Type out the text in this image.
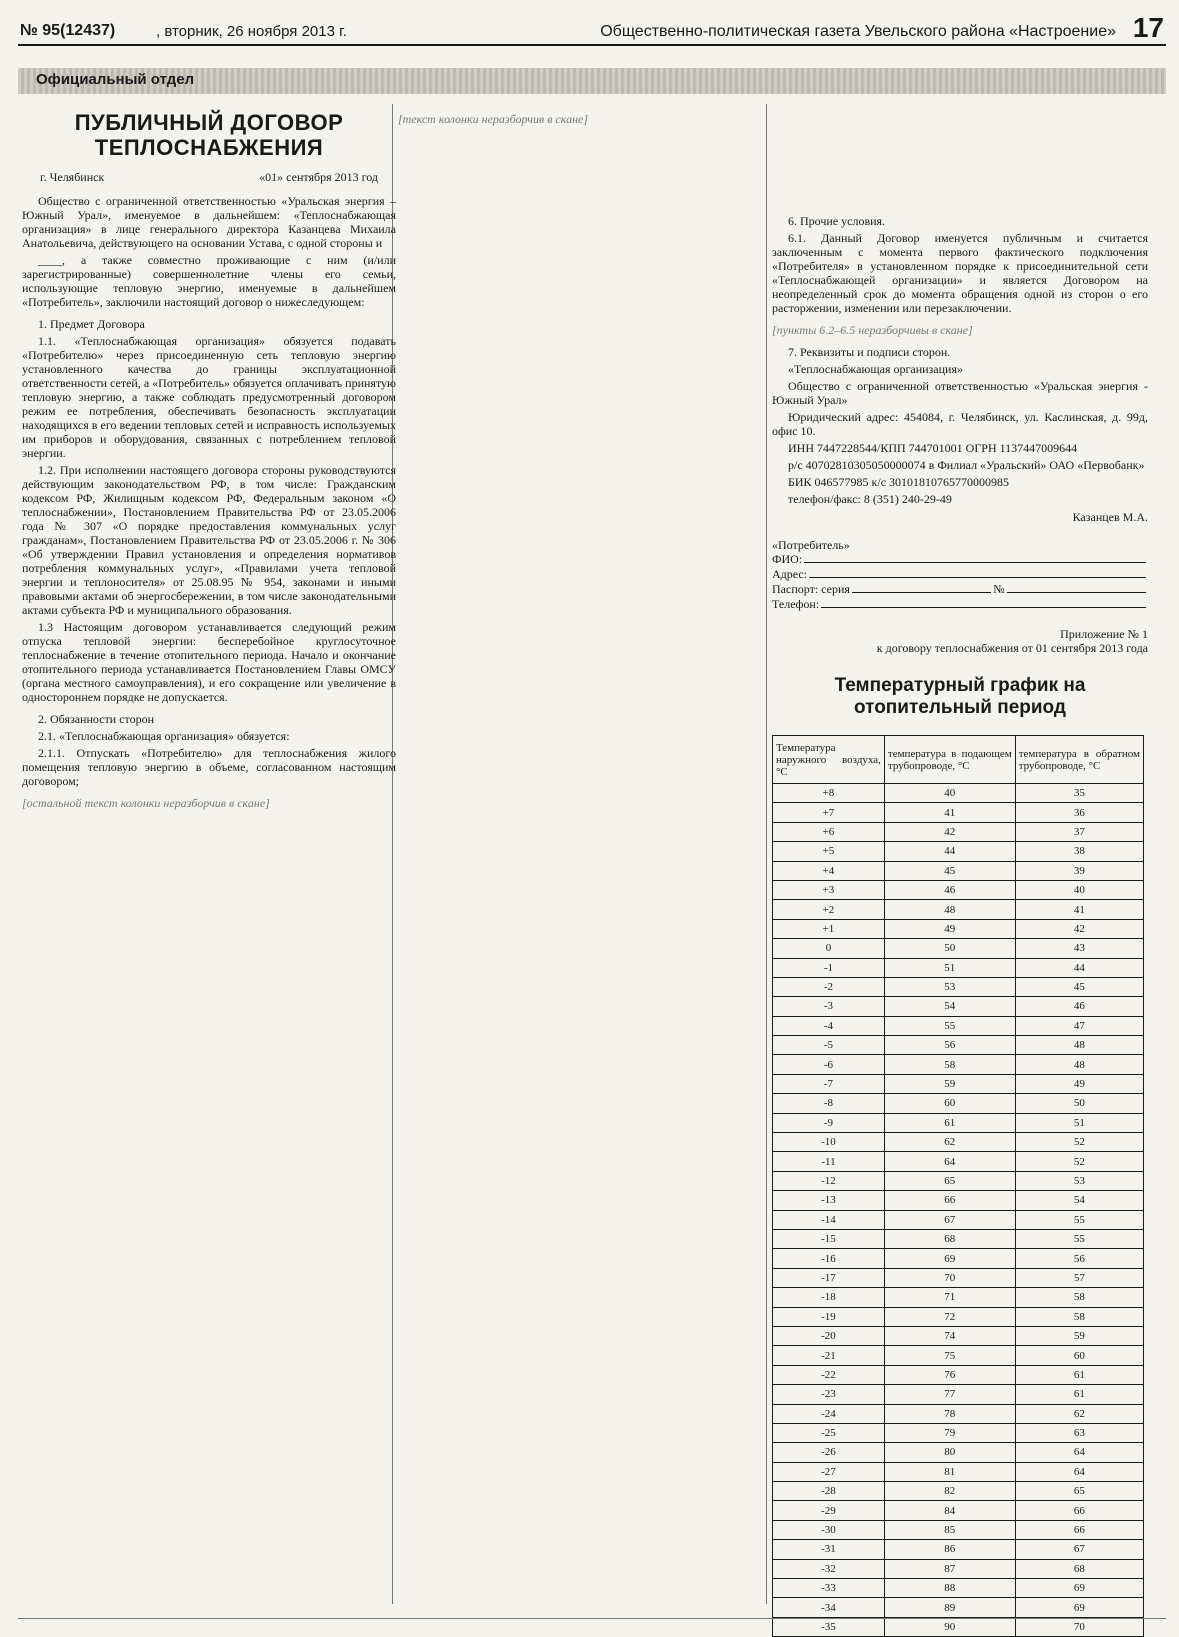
№ 95(12437)	, вторник, 26 ноября 2013 г.	Общественно-политическая газета Увельского района «Настроение» 17
Официальный отдел
ПУБЛИЧНЫЙ ДОГОВОР ТЕПЛОСНАБЖЕНИЯ
г. Челябинск	«01» сентября 2013 год

Общество с ограниченной ответственностью «Уральская энергия – Южный Урал», именуемое в дальнейшем: «Теплоснабжающая организация» в лице генерального директора Казанцева Михаила Анатольевича, действующего на основании Устава, с одной стороны и

____, а также совместно проживающие с ним (и/или зарегистрированные) совершеннолетние члены его семьи, использующие тепловую энергию, именуемые в дальнейшем «Потребитель», заключили настоящий договор о нижеследующем:

1. Предмет Договора

1.1. «Теплоснабжающая организация» обязуется подавать «Потребителю» через присоединенную сеть тепловую энергию установленного качества до границы эксплуатационной ответственности сетей, а «Потребитель» обязуется оплачивать принятую тепловую энергию, а также соблюдать предусмотренный договором режим ее потребления, обеспечивать безопасность эксплуатации находящихся в его ведении тепловых сетей и исправность используемых им приборов и оборудования, связанных с потреблением тепловой энергии.

1.2. При исполнении настоящего договора стороны руководствуются действующим законодательством РФ, в том числе: Гражданским кодексом РФ, Жилищным кодексом РФ, Федеральным законом «О теплоснабжении», Постановлением Правительства РФ от 23.05.2006 года № 307 «О порядке предоставления коммунальных услуг гражданам», Постановлением Правительства РФ от 23.05.2006 г. № 306 «Об утверждении Правил установления и определения нормативов потребления коммунальных услуг», «Правилами учета тепловой энергии и теплоносителя» от 25.08.95 № 954, законами и иными правовыми актами об энергосбережении, в том числе законодательными актами субъекта РФ и муниципального образования.

1.3 Настоящим договором устанавливается следующий режим отпуска тепловой энергии: бесперебойное круглосуточное теплоснабжение в течение отопительного периода. Начало и окончание отопительного периода устанавливается Постановлением Главы ОМСУ (органа местного самоуправления), и его сокращение или увеличение в одностороннем порядке не допускается.

2. Обязанности сторон

2.1. «Теплоснабжающая организация» обязуется:

2.1.1. Отпускать «Потребителю» для теплоснабжения жилого помещения тепловую энергию в объеме, согласованном настоящим договором;

[остальной текст колонки неразборчив в скане]

[текст колонки неразборчив в скане]

6. Прочие условия.

6.1. Данный Договор именуется публичным и считается заключенным с момента первого фактического подключения «Потребителя» в установленном порядке к присоединительной сети «Теплоснабжающей организации» и является Договором на неопределенный срок до момента обращения одной из сторон о его расторжении, изменении или перезаключении.

[пункты 6.2–6.5 неразборчивы в скане]

7. Реквизиты и подписи сторон.

«Теплоснабжающая организация»

Общество с ограниченной ответственностью «Уральская энергия - Южный Урал»

Юридический адрес: 454084, г. Челябинск, ул. Каслинская, д. 99д, офис 10.

ИНН 7447228544/КПП 744701001 ОГРН 1137447009644

р/с 40702810305050000074 в Филиал «Уральский» ОАО «Первобанк»

БИК 046577985 к/с 30101810765770000985

телефон/факс: 8 (351) 240-29-49

Казанцев М.А.

«Потребитель»

ФИО:
Адрес:
Паспорт: серия	№
Телефон:

Приложение № 1

к договору теплоснабжения от 01 сентября 2013 года

Температурный график на отопительный период
Температура наружного воздуха, °С	температура в подающем трубопроводе, °С	температура в обратном трубопроводе, °С
+8	40	35
+7	41	36
+6	42	37
+5	44	38
+4	45	39
+3	46	40
+2	48	41
+1	49	42
0	50	43
-1	51	44
-2	53	45
-3	54	46
-4	55	47
-5	56	48
-6	58	48
-7	59	49
-8	60	50
-9	61	51
-10	62	52
-11	64	52
-12	65	53
-13	66	54
-14	67	55
-15	68	55
-16	69	56
-17	70	57
-18	71	58
-19	72	58
-20	74	59
-21	75	60
-22	76	61
-23	77	61
-24	78	62
-25	79	63
-26	80	64
-27	81	64
-28	82	65
-29	84	66
-30	85	66
-31	86	67
-32	87	68
-33	88	69
-34	89	69
-35	90	70
